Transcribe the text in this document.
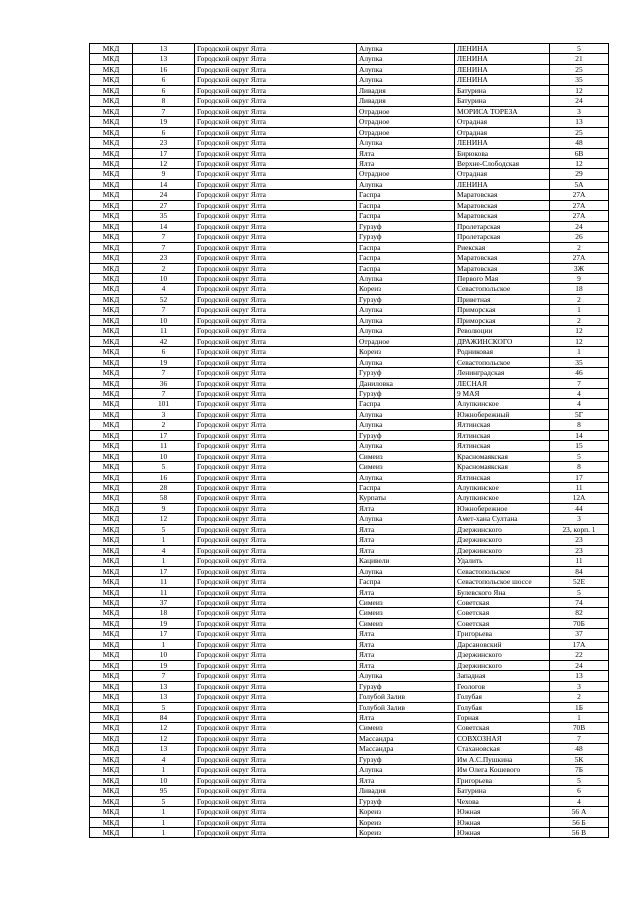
МКД	13	Городской округ Ялта	Алупка	ЛЕНИНА	5
МКД	13	Городской округ Ялта	Алупка	ЛЕНИНА	21
МКД	16	Городской округ Ялта	Алупка	ЛЕНИНА	25
МКД	6	Городской округ Ялта	Алупка	ЛЕНИНА	35
МКД	6	Городской округ Ялта	Ливадия	Батурина	12
МКД	8	Городской округ Ялта	Ливадия	Батурина	24
МКД	7	Городской округ Ялта	Отрадное	МОРИСА ТОРЕЗА	3
МКД	19	Городской округ Ялта	Отрадное	Отрадная	13
МКД	6	Городской округ Ялта	Отрадное	Отрадная	25
МКД	23	Городской округ Ялта	Алупка	ЛЕНИНА	48
МКД	17	Городской округ Ялта	Ялта	Бирюкова	6В
МКД	12	Городской округ Ялта	Ялта	Верхне-Слободская	12
МКД	9	Городской округ Ялта	Отрадное	Отрадная	29
МКД	14	Городской округ Ялта	Алупка	ЛЕНИНА	5А
МКД	24	Городской округ Ялта	Гаспра	Маратовская	27А
МКД	27	Городской округ Ялта	Гаспра	Маратовская	27А
МКД	35	Городской округ Ялта	Гаспра	Маратовская	27А
МКД	14	Городской округ Ялта	Гурзуф	Пролетарская	24
МКД	7	Городской округ Ялта	Гурзуф	Пролетарская	26
МКД	7	Городской округ Ялта	Гаспра	Риекская	2
МКД	23	Городской округ Ялта	Гаспра	Маратовская	27А
МКД	2	Городской округ Ялта	Гаспра	Маратовская	3Ж
МКД	10	Городской округ Ялта	Алупка	Первого Мая	9
МКД	4	Городской округ Ялта	Кореиз	Севастопольское	18
МКД	52	Городской округ Ялта	Гурзуф	Приветная	2
МКД	7	Городской округ Ялта	Алупка	Приморская	1
МКД	10	Городской округ Ялта	Алупка	Приморская	2
МКД	11	Городской округ Ялта	Алупка	Революции	12
МКД	42	Городской округ Ялта	Отрадное	ДРАЖИНСКОГО	12
МКД	6	Городской округ Ялта	Кореиз	Родниковая	1
МКД	19	Городской округ Ялта	Алупка	Севастопольское	35
МКД	7	Городской округ Ялта	Гурзуф	Ленинградская	46
МКД	36	Городской округ Ялта	Даниловка	ЛЕСНАЯ	7
МКД	7	Городской округ Ялта	Гурзуф	9 МАЯ	4
МКД	101	Городской округ Ялта	Гаспра	Алупкинское	4
МКД	3	Городской округ Ялта	Алупка	Южнобережный	5Г
МКД	2	Городской округ Ялта	Алупка	Ялтинская	8
МКД	17	Городской округ Ялта	Гурзуф	Ялтинская	14
МКД	11	Городской округ Ялта	Алупка	Ялтинская	15
МКД	10	Городской округ Ялта	Симеиз	Красномаякская	5
МКД	5	Городской округ Ялта	Симеиз	Красномаякская	8
МКД	16	Городской округ Ялта	Алупка	Ялтинская	17
МКД	28	Городской округ Ялта	Гаспра	Алупкинское	11
МКД	58	Городской округ Ялта	Курпаты	Алупкинское	12А
МКД	9	Городской округ Ялта	Ялта	Южнобережное	44
МКД	12	Городской округ Ялта	Алупка	Амет-хана Султана	3
МКД	5	Городской округ Ялта	Ялта	Дзержинского	23, корп. 1
МКД	1	Городской округ Ялта	Ялта	Дзержинского	23
МКД	4	Городской округ Ялта	Ялта	Дзержинского	23
МКД	1	Городской округ Ялта	Кацивели	Удалить	11
МКД	17	Городской округ Ялта	Алупка	Севастопольское	84
МКД	11	Городской округ Ялта	Гаспра	Севастопольское шоссе	52Е
МКД	11	Городской округ Ялта	Ялта	Булевского Яна	5
МКД	37	Городской округ Ялта	Симеиз	Советская	74
МКД	18	Городской округ Ялта	Симеиз	Советская	82
МКД	19	Городской округ Ялта	Симеиз	Советская	70Б
МКД	17	Городской округ Ялта	Ялта	Григорьева	37
МКД	1	Городской округ Ялта	Ялта	Дарсановский	17А
МКД	10	Городской округ Ялта	Ялта	Дзержинского	22
МКД	19	Городской округ Ялта	Ялта	Дзержинского	24
МКД	7	Городской округ Ялта	Алупка	Западная	13
МКД	13	Городской округ Ялта	Гурзуф	Геологов	3
МКД	13	Городской округ Ялта	Голубой Залив	Голубая	2
МКД	5	Городской округ Ялта	Голубой Залив	Голубая	1Б
МКД	84	Городской округ Ялта	Ялта	Горная	1
МКД	12	Городской округ Ялта	Симеиз	Советская	70В
МКД	12	Городской округ Ялта	Массандра	СОВХОЗНАЯ	7
МКД	13	Городской округ Ялта	Массандра	Стахановская	48
МКД	4	Городской округ Ялта	Гурзуф	Им А.С.Пушкина	5К
МКД	1	Городской округ Ялта	Алупка	Им Олега Кошевого	7Б
МКД	10	Городской округ Ялта	Ялта	Григорьева	5
МКД	95	Городской округ Ялта	Ливадия	Батурина	6
МКД	5	Городской округ Ялта	Гурзуф	Чехова	4
МКД	1	Городской округ Ялта	Кореиз	Южная	56 А
МКД	1	Городской округ Ялта	Кореиз	Южная	56 Б
МКД	1	Городской округ Ялта	Кореиз	Южная	56 В
